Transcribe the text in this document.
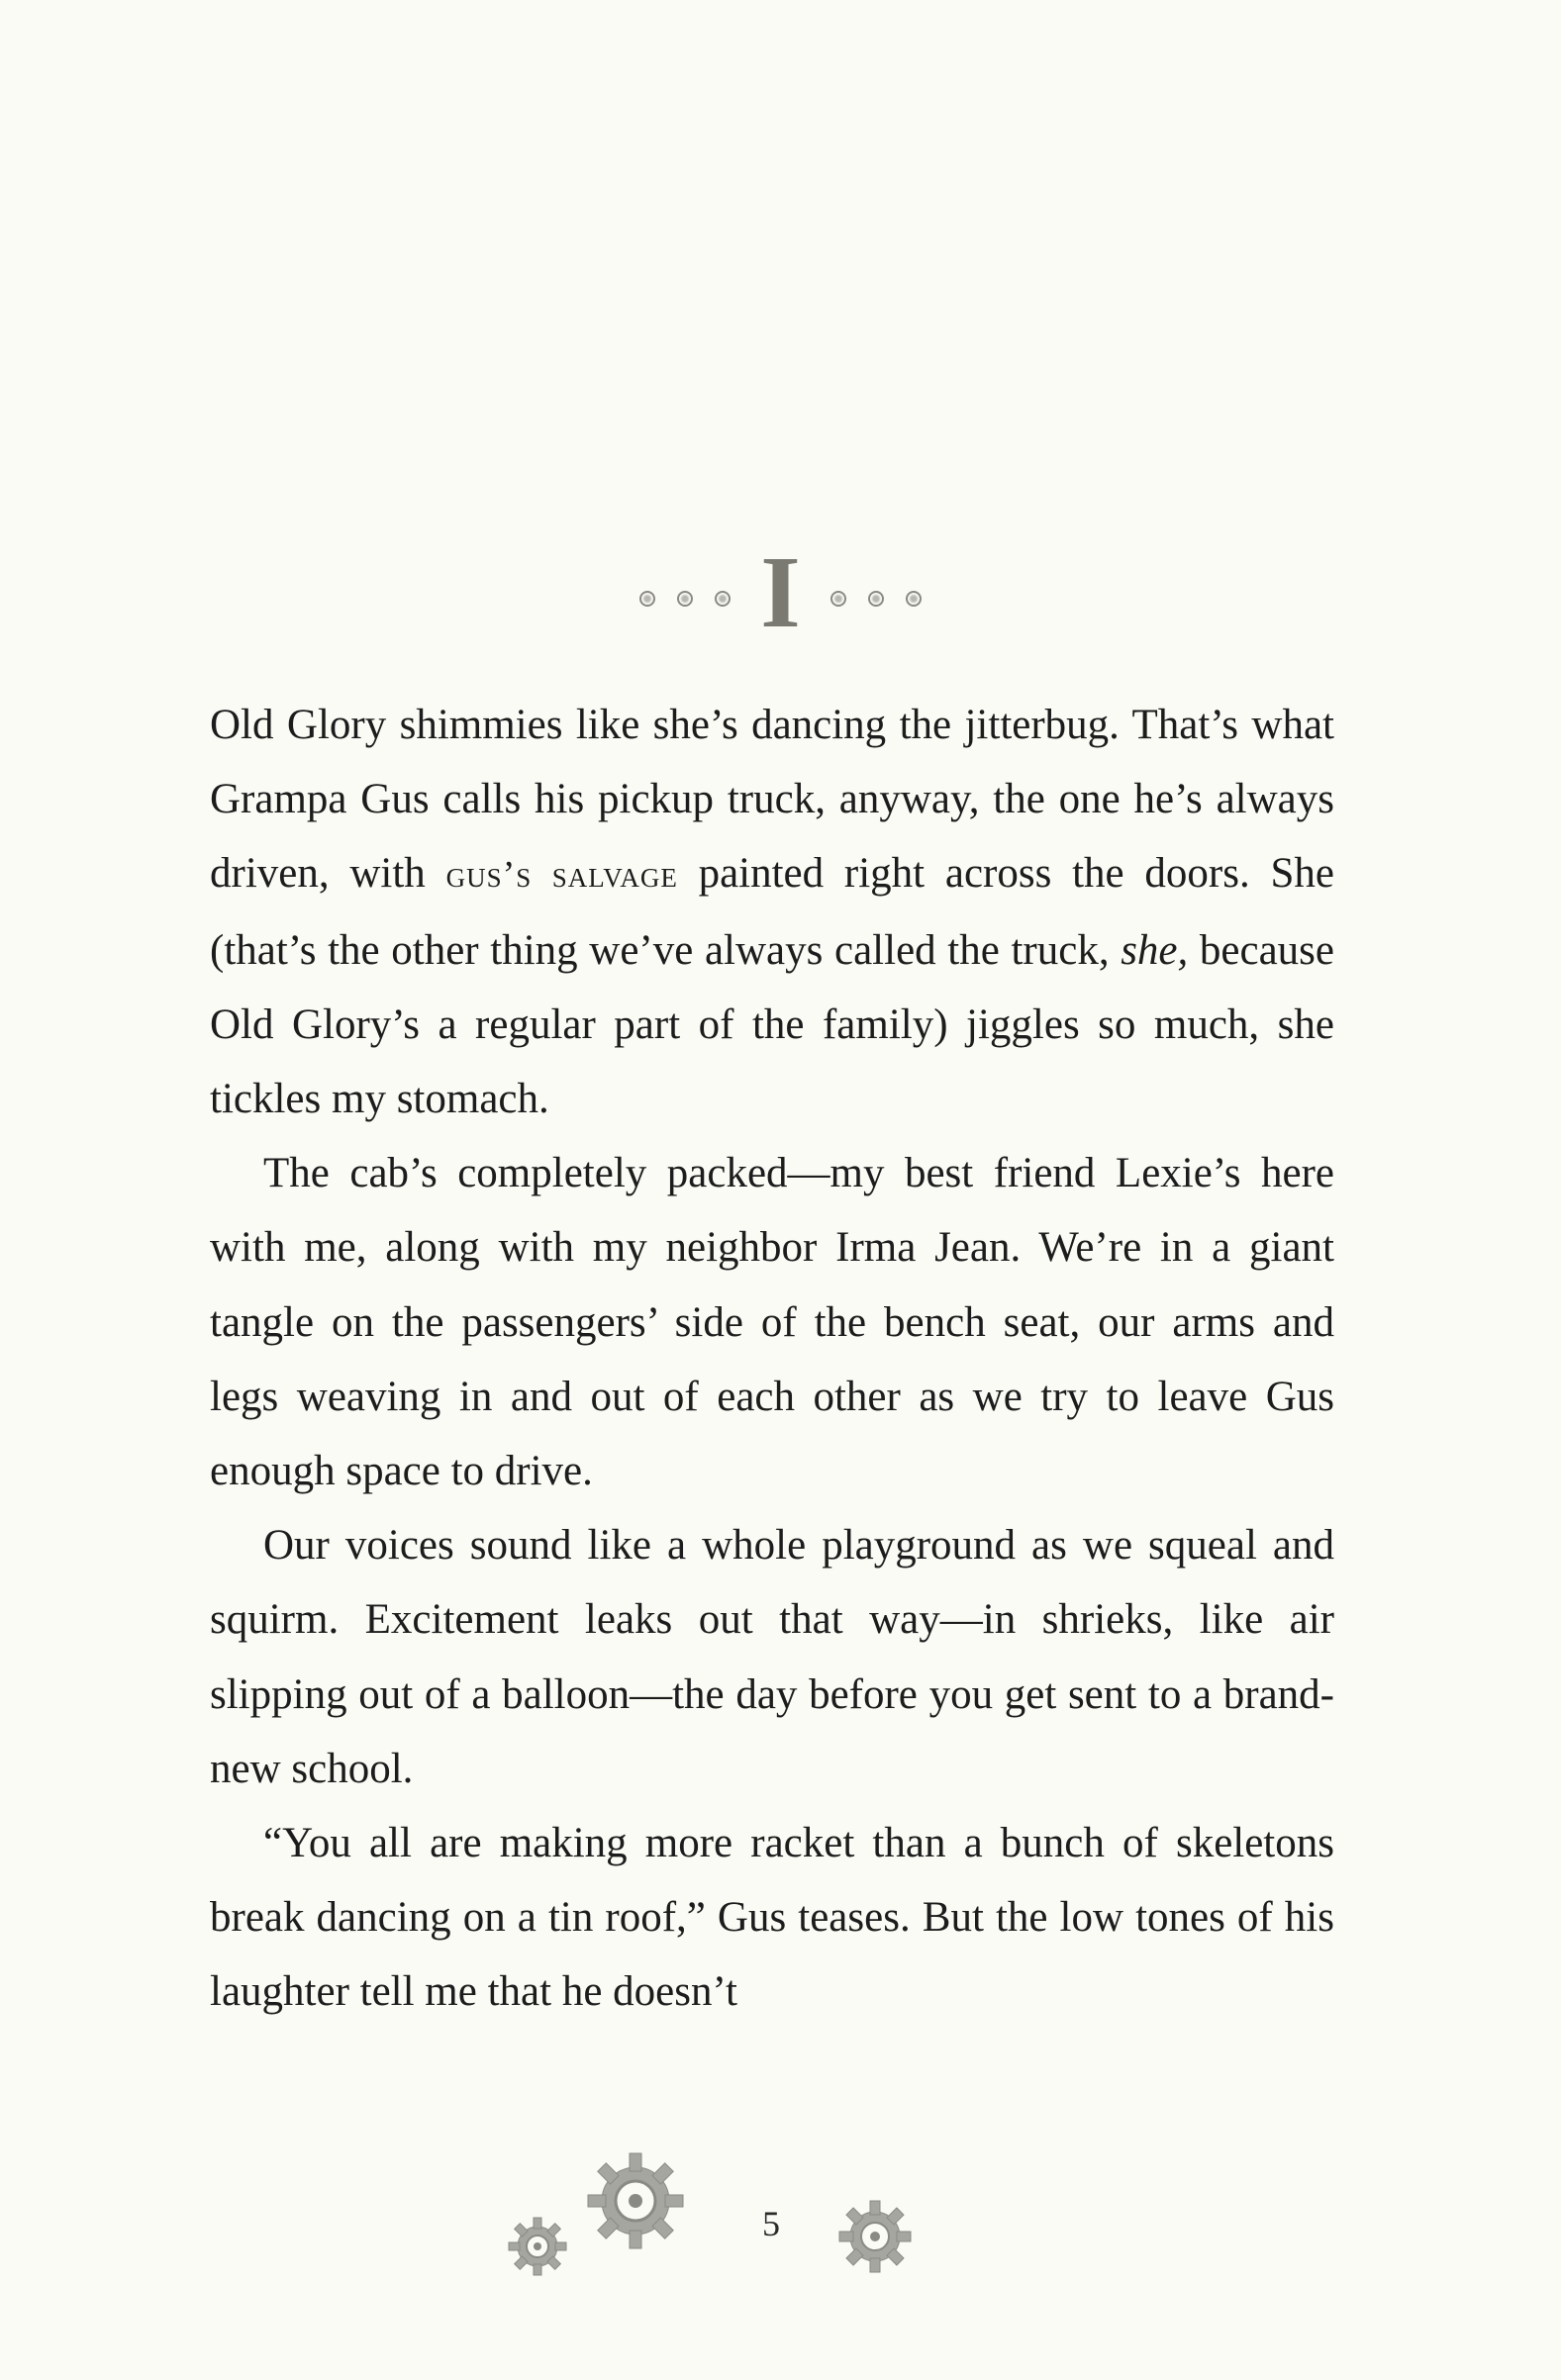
I

Old Glory shimmies like she’s dancing the jitterbug. That’s what Grampa Gus calls his pickup truck, anyway, the one he’s always driven, with gus’s salvage painted right across the doors. She (that’s the other thing we’ve always called the truck, she, because Old Glory’s a regular part of the family) jiggles so much, she tickles my stomach.

The cab’s completely packed—my best friend Lexie’s here with me, along with my neighbor Irma Jean. We’re in a giant tangle on the passengers’ side of the bench seat, our arms and legs weaving in and out of each other as we try to leave Gus enough space to drive.

Our voices sound like a whole playground as we squeal and squirm. Excitement leaks out that way—in shrieks, like air slipping out of a balloon—the day before you get sent to a brand-new school.

“You all are making more racket than a bunch of skeletons break dancing on a tin roof,” Gus teases. But the low tones of his laughter tell me that he doesn’t

5
